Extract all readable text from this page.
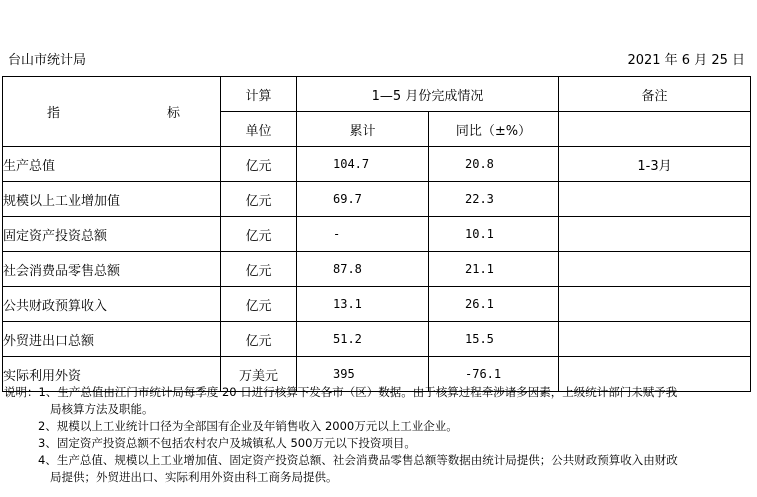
台山市统计局	2021 年 6 月 25 日
指 标	计算	1—5 月份完成情况		备注
	单位	累计	同比（±%）	
生产总值	亿元	104.7	20.8	1-3月
规模以上工业增加值	亿元	69.7	22.3	
固定资产投资总额	亿元	-	10.1	
社会消费品零售总额	亿元	87.8	21.1	
公共财政预算收入	亿元	13.1	26.1	
外贸进出口总额	亿元	51.2	15.5	
实际利用外资	万美元	395	-76.1	
说明：1、生产总值由江门市统计局每季度 20 日进行核算下发各市（区）数据。由于核算过程牵涉诸多因素，上级统计部门未赋予我
局核算方法及职能。
2、规模以上工业统计口径为全部国有企业及年销售收入 2000万元以上工业企业。
3、固定资产投资总额不包括农村农户及城镇私人 500万元以下投资项目。
4、生产总值、规模以上工业增加值、固定资产投资总额、社会消费品零售总额等数据由统计局提供；公共财政预算收入由财政
局提供；外贸进出口、实际利用外资由科工商务局提供。
